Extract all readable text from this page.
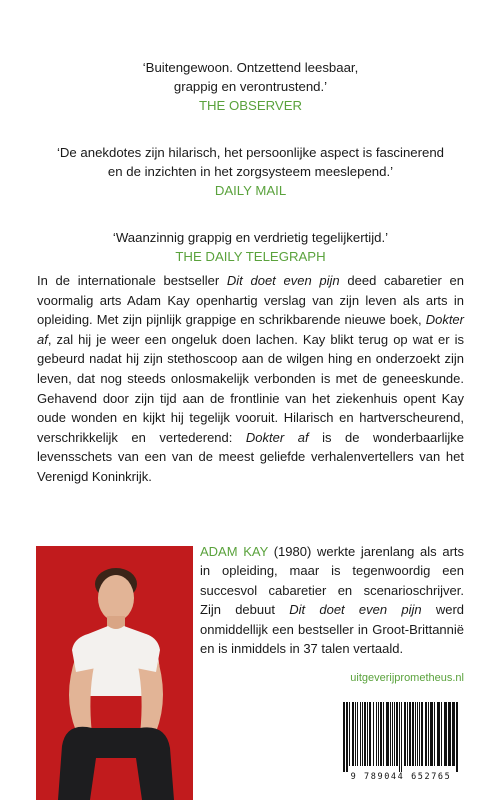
‘Buitengewoon. Ontzettend leesbaar,
grappig en verontrustend.’
THE OBSERVER
‘De anekdotes zijn hilarisch, het persoonlijke aspect is fascinerend
en de inzichten in het zorgsysteem meeslepend.’
DAILY MAIL
‘Waanzinnig grappig en verdrietig tegelijkertijd.’
THE DAILY TELEGRAPH

In de internationale bestseller Dit doet even pijn deed cabaretier en voormalig arts Adam Kay openhartig verslag van zijn leven als arts in opleiding. Met zijn pijnlijk grappige en schrikbarende nieuwe boek, Dokter af, zal hij je weer een ongeluk doen lachen. Kay blikt terug op wat er is gebeurd nadat hij zijn stethoscoop aan de wilgen hing en onderzoekt zijn leven, dat nog steeds onlosmakelijk verbonden is met de geneeskunde. Gehavend door zijn tijd aan de frontlinie van het ziekenhuis opent Kay oude wonden en kijkt hij tegelijk vooruit. Hilarisch en hartverscheurend, verschrikkelijk en vertederend: Dokter af is de wonderbaarlijke levensschets van een van de meest geliefde verhalenvertellers van het Verenigd Koninkrijk.

ADAM KAY (1980) werkte jarenlang als arts in opleiding, maar is tegenwoordig een succesvol cabaretier en scenarioschrijver. Zijn debuut Dit doet even pijn werd onmiddellijk een bestseller in Groot-Brittannië en is inmiddels in 37 talen vertaald.

uitgeverijprometheus.nl
9 789044 652765
